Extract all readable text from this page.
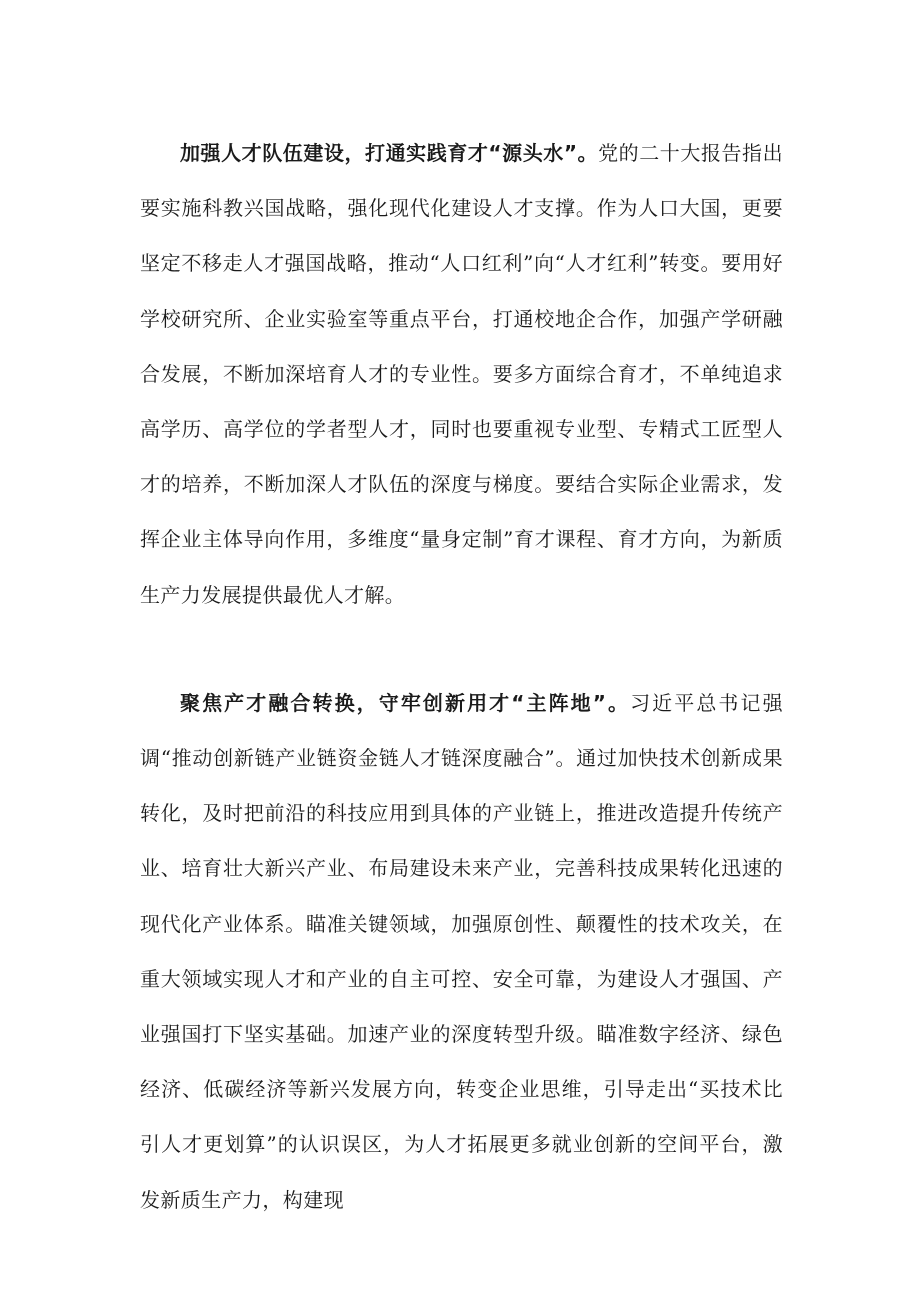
加强人才队伍建设，打通实践育才“源头水”。党的二十大报告指出要实施科教兴国战略，强化现代化建设人才支撑。作为人口大国，更要坚定不移走人才强国战略，推动“人口红利”向“人才红利”转变。要用好学校研究所、企业实验室等重点平台，打通校地企合作，加强产学研融合发展，不断加深培育人才的专业性。要多方面综合育才，不单纯追求高学历、高学位的学者型人才，同时也要重视专业型、专精式工匠型人才的培养，不断加深人才队伍的深度与梯度。要结合实际企业需求，发挥企业主体导向作用，多维度“量身定制”育才课程、育才方向，为新质生产力发展提供最优人才解。

聚焦产才融合转换，守牢创新用才“主阵地”。习近平总书记强调“推动创新链产业链资金链人才链深度融合”。通过加快技术创新成果转化，及时把前沿的科技应用到具体的产业链上，推进改造提升传统产业、培育壮大新兴产业、布局建设未来产业，完善科技成果转化迅速的现代化产业体系。瞄准关键领域，加强原创性、颠覆性的技术攻关，在重大领域实现人才和产业的自主可控、安全可靠，为建设人才强国、产业强国打下坚实基础。加速产业的深度转型升级。瞄准数字经济、绿色经济、低碳经济等新兴发展方向，转变企业思维，引导走出“买技术比引人才更划算”的认识误区，为人才拓展更多就业创新的空间平台，激发新质生产力，构建现
